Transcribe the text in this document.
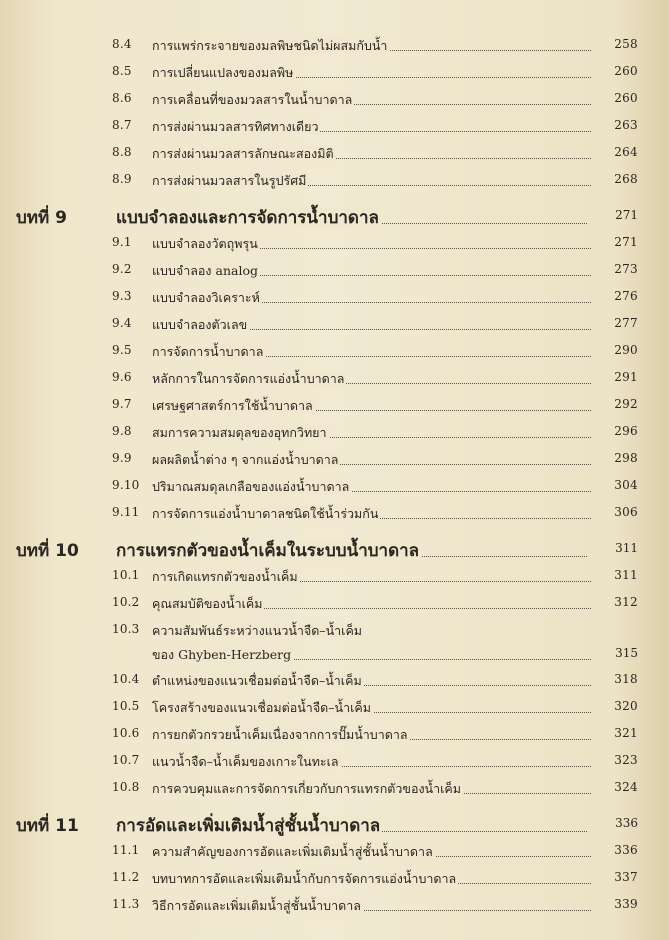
8.4 การแพร่กระจายของมลพิษชนิดไม่ผสมกับน้ำ	258
8.5 การเปลี่ยนแปลงของมลพิษ	260
8.6 การเคลื่อนที่ของมวลสารในน้ำบาดาล	260
8.7 การส่งผ่านมวลสารทิศทางเดียว	263
8.8 การส่งผ่านมวลสารลักษณะสองมิติ	264
8.9 การส่งผ่านมวลสารในรูปรัศมี	268
บทที่ 9	แบบจำลองและการจัดการน้ำบาดาล	271
9.1 แบบจำลองวัตถุพรุน	271
9.2 แบบจำลอง analog	273
9.3 แบบจำลองวิเคราะห์	276
9.4 แบบจำลองตัวเลข	277
9.5 การจัดการน้ำบาดาล	290
9.6 หลักการในการจัดการแอ่งน้ำบาดาล	291
9.7 เศรษฐศาสตร์การใช้น้ำบาดาล	292
9.8 สมการความสมดุลของอุทกวิทยา	296
9.9 ผลผลิตน้ำต่าง ๆ จากแอ่งน้ำบาดาล	298
9.10 ปริมาณสมดุลเกลือของแอ่งน้ำบาดาล	304
9.11 การจัดการแอ่งน้ำบาดาลชนิดใช้น้ำร่วมกัน	306
บทที่ 10 การแทรกตัวของน้ำเค็มในระบบน้ำบาดาล	311
10.1 การเกิดแทรกตัวของน้ำเค็ม	311
10.2 คุณสมบัติของน้ำเค็ม	312
10.3 ความสัมพันธ์ระหว่างแนวน้ำจืด–น้ำเค็ม
ของ Ghyben-Herzberg	315
10.4 ตำแหน่งของแนวเชื่อมต่อน้ำจืด–น้ำเค็ม	318
10.5 โครงสร้างของแนวเชื่อมต่อน้ำจืด–น้ำเค็ม	320
10.6 การยกตัวกรวยน้ำเค็มเนื่องจากการปั๊มน้ำบาดาล	321
10.7 แนวน้ำจืด–น้ำเค็มของเกาะในทะเล	323
10.8 การควบคุมและการจัดการเกี่ยวกับการแทรกตัวของน้ำเค็ม	324
บทที่ 11 การอัดและเพิ่มเติมน้ำสู่ชั้นน้ำบาดาล	336
11.1 ความสำคัญของการอัดและเพิ่มเติมน้ำสู่ชั้นน้ำบาดาล	336
11.2 บทบาทการอัดและเพิ่มเติมน้ำกับการจัดการแอ่งน้ำบาดาล	337
11.3 วิธีการอัดและเพิ่มเติมน้ำสู่ชั้นน้ำบาดาล	339
